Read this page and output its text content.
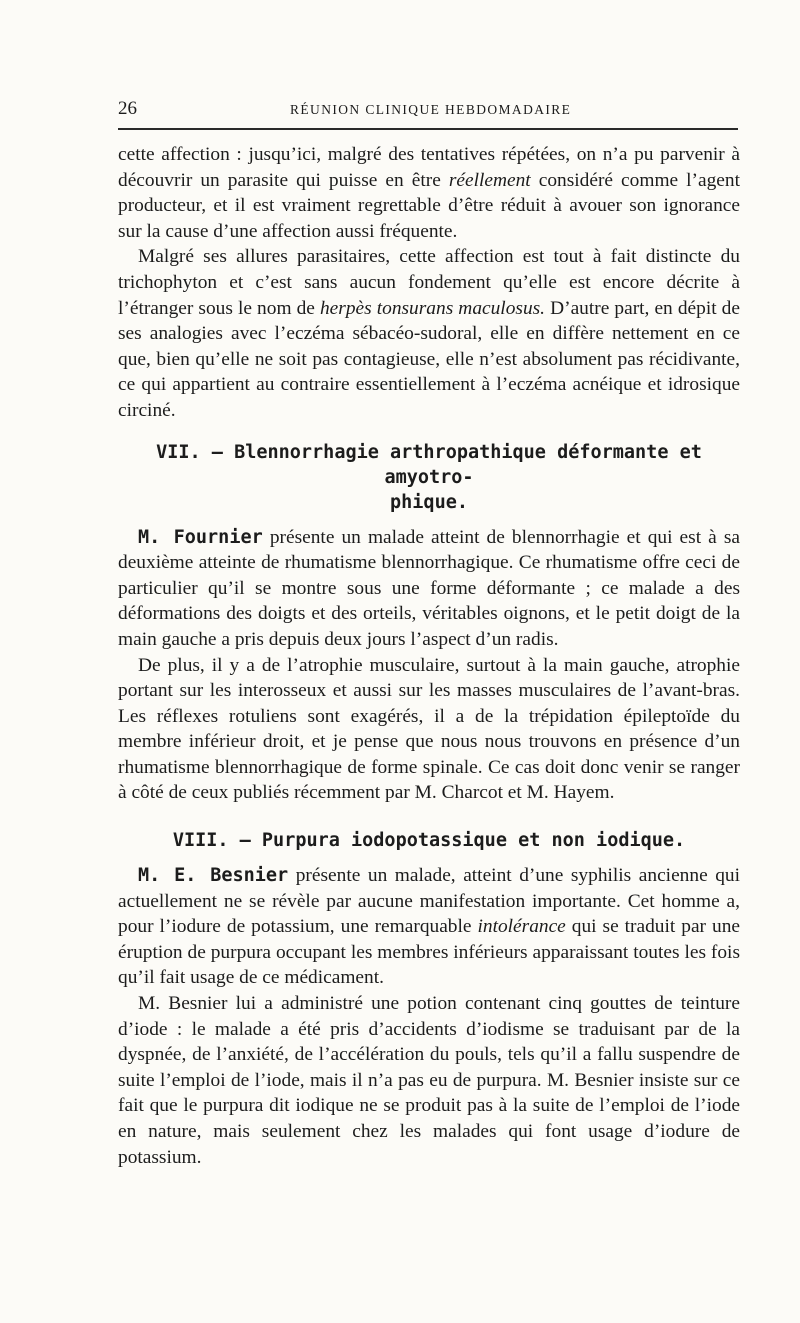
26	RÉUNION CLINIQUE HEBDOMADAIRE

cette affection : jusqu’ici, malgré des tentatives répétées, on n’a pu parvenir à découvrir un parasite qui puisse en être réellement considéré comme l’agent producteur, et il est vraiment regrettable d’être réduit à avouer son ignorance sur la cause d’une affection aussi fréquente.

Malgré ses allures parasitaires, cette affection est tout à fait distincte du trichophyton et c’est sans aucun fondement qu’elle est encore décrite à l’étranger sous le nom de herpès tonsurans maculosus. D’autre part, en dépit de ses analogies avec l’eczéma sébacéo-sudoral, elle en diffère nettement en ce que, bien qu’elle ne soit pas contagieuse, elle n’est absolument pas récidivante, ce qui appartient au contraire essentiellement à l’eczéma acnéique et idrosique circiné.

VII. — Blennorrhagie arthropathique déformante et amyotro-
phique.

M. Fournier présente un malade atteint de blennorrhagie et qui est à sa deuxième atteinte de rhumatisme blennorrhagique. Ce rhumatisme offre ceci de particulier qu’il se montre sous une forme déformante ; ce malade a des déformations des doigts et des orteils, véritables oignons, et le petit doigt de la main gauche a pris depuis deux jours l’aspect d’un radis.

De plus, il y a de l’atrophie musculaire, surtout à la main gauche, atrophie portant sur les interosseux et aussi sur les masses musculaires de l’avant-bras. Les réflexes rotuliens sont exagérés, il a de la trépidation épileptoïde du membre inférieur droit, et je pense que nous nous trouvons en présence d’un rhumatisme blennorrhagique de forme spinale. Ce cas doit donc venir se ranger à côté de ceux publiés récemment par M. Charcot et M. Hayem.

VIII. — Purpura iodopotassique et non iodique.

M. E. Besnier présente un malade, atteint d’une syphilis ancienne qui actuellement ne se révèle par aucune manifestation importante. Cet homme a, pour l’iodure de potassium, une remarquable intolérance qui se traduit par une éruption de purpura occupant les membres inférieurs apparaissant toutes les fois qu’il fait usage de ce médicament.

M. Besnier lui a administré une potion contenant cinq gouttes de teinture d’iode : le malade a été pris d’accidents d’iodisme se traduisant par de la dyspnée, de l’anxiété, de l’accélération du pouls, tels qu’il a fallu suspendre de suite l’emploi de l’iode, mais il n’a pas eu de purpura. M. Besnier insiste sur ce fait que le purpura dit iodique ne se produit pas à la suite de l’emploi de l’iode en nature, mais seulement chez les malades qui font usage d’iodure de potassium.
